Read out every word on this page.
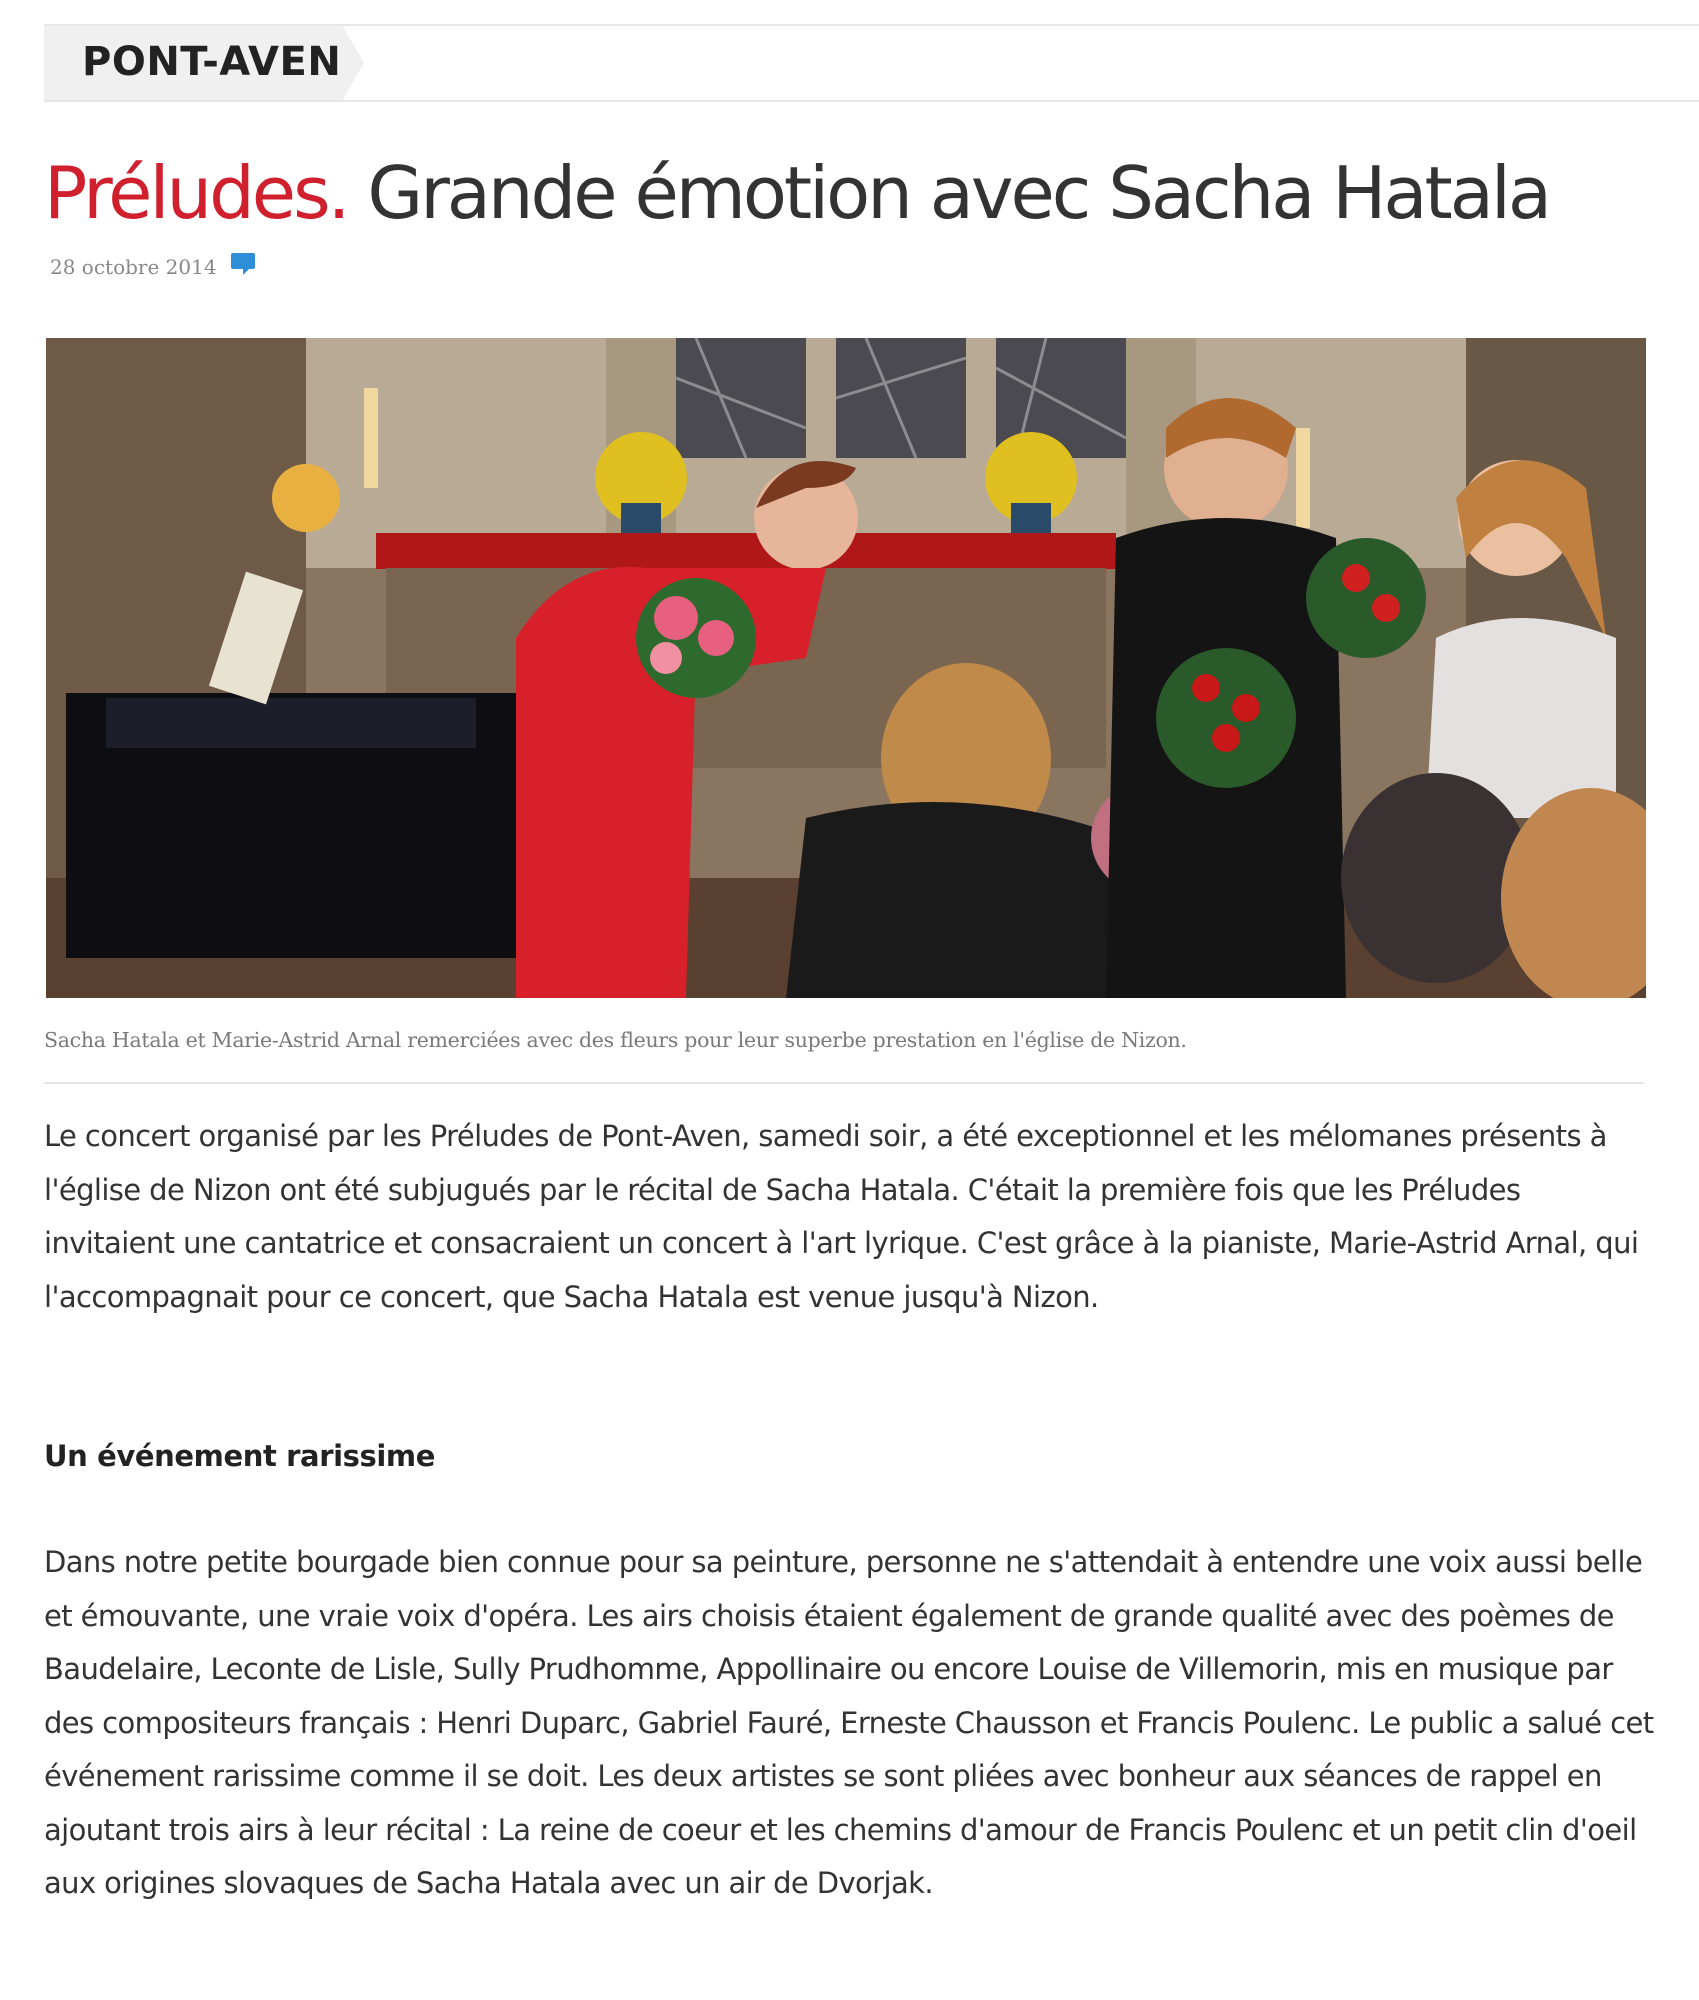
PONT-AVEN
Préludes. Grande émotion avec Sacha Hatala
28 octobre 2014
Sacha Hatala et Marie-Astrid Arnal remerciées avec des fleurs pour leur superbe prestation en l'église de Nizon.

Le concert organisé par les Préludes de Pont-Aven, samedi soir, a été exceptionnel et les mélomanes présents à l'église de Nizon ont été subjugués par le récital de Sacha Hatala. C'était la première fois que les Préludes invitaient une cantatrice et consacraient un concert à l'art lyrique. C'est grâce à la pianiste, Marie-Astrid Arnal, qui l'accompagnait pour ce concert, que Sacha Hatala est venue jusqu'à Nizon.

Un événement rarissime

Dans notre petite bourgade bien connue pour sa peinture, personne ne s'attendait à entendre une voix aussi belle et émouvante, une vraie voix d'opéra. Les airs choisis étaient également de grande qualité avec des poèmes de Baudelaire, Leconte de Lisle, Sully Prudhomme, Appollinaire ou encore Louise de Villemorin, mis en musique par des compositeurs français : Henri Duparc, Gabriel Fauré, Erneste Chausson et Francis Poulenc. Le public a salué cet événement rarissime comme il se doit. Les deux artistes se sont pliées avec bonheur aux séances de rappel en ajoutant trois airs à leur récital : La reine de coeur et les chemins d'amour de Francis Poulenc et un petit clin d'oeil aux origines slovaques de Sacha Hatala avec un air de Dvorjak.
